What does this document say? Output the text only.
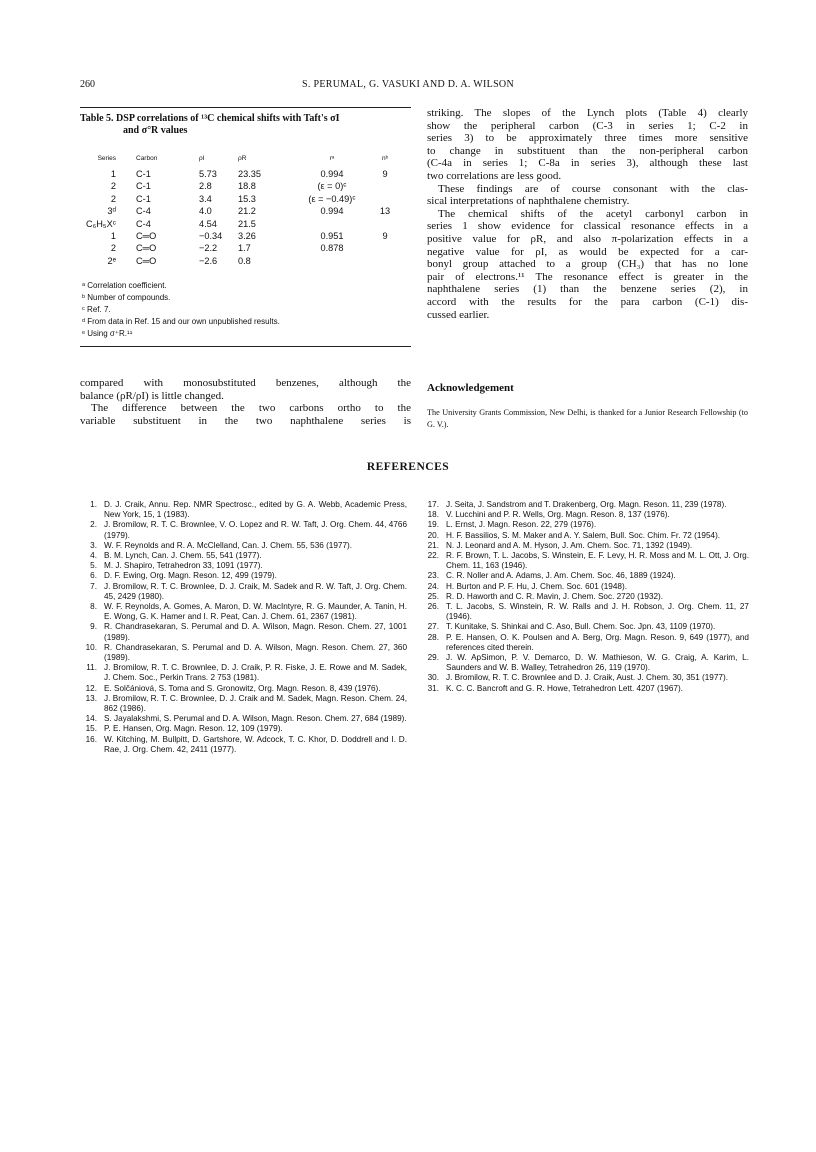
260	S. PERUMAL, G. VASUKI AND D. A. WILSON
Table 5. DSP correlations of ¹³C chemical shifts with Taft's σI
and σ°R values
Series	Carbon	ρI	ρR	rᵃ	nᵇ
1 C-1	5.73	23.35	0.994	9
2 C-1	2.8	18.8	(ε = 0)ᶜ
2 C-1	3.4	15.3	(ε = −0.49)ᶜ
3ᵈ C-4	4.0	21.2	0.994	13
C₆H₅Xᶜ C-4	4.54	21.5
1 C═O	−0.34	3.26	0.951	9
2 C═O	−2.2	1.7	0.878
2ᵉ C═O	−2.6	0.8
ᵃ Correlation coefficient.
ᵇ Number of compounds.
ᶜ Ref. 7.
ᵈ From data in Ref. 15 and our own unpublished results.
ᵉ Using σ⁺R.¹¹
striking. The slopes of the Lynch plots (Table 4) clearly
show the peripheral carbon (C-3 in series 1; C-2 in
series 3) to be approximately three times more sensitive
to change in substituent than the non-peripheral carbon
(C-4a in series 1; C-8a in series 3), although these last
two correlations are less good.
These findings are of course consonant with the clas-
sical interpretations of naphthalene chemistry.
The chemical shifts of the acetyl carbonyl carbon in
series 1 show evidence for classical resonance effects in a
positive value for ρR, and also π-polarization effects in a
negative value for ρI, as would be expected for a car-
bonyl group attached to a group (CH₃) that has no lone
pair of electrons.¹¹ The resonance effect is greater in the
naphthalene series (1) than the benzene series (2), in
accord with the results for the para carbon (C-1) dis-
cussed earlier.
compared with monosubstituted benzenes, although the
balance (ρR/ρI) is little changed.
The difference between the two carbons ortho to the
variable substituent in the two naphthalene series is
Acknowledgement
The University Grants Commission, New Delhi, is thanked for a Junior Research Fellowship (to G. V.).
REFERENCES
1. D. J. Craik, Annu. Rep. NMR Spectrosc., edited by G. A. Webb, Academic Press, New York, 15, 1 (1983).
2. J. Bromilow, R. T. C. Brownlee, V. O. Lopez and R. W. Taft, J. Org. Chem. 44, 4766 (1979).
3. W. F. Reynolds and R. A. McClelland, Can. J. Chem. 55, 536 (1977).
4. B. M. Lynch, Can. J. Chem. 55, 541 (1977).
5. M. J. Shapiro, Tetrahedron 33, 1091 (1977).
6. D. F. Ewing, Org. Magn. Reson. 12, 499 (1979).
7. J. Bromilow, R. T. C. Brownlee, D. J. Craik, M. Sadek and R. W. Taft, J. Org. Chem. 45, 2429 (1980).
8. W. F. Reynolds, A. Gomes, A. Maron, D. W. MacIntyre, R. G. Maunder, A. Tanin, H. E. Wong, G. K. Hamer and I. R. Peat, Can. J. Chem. 61, 2367 (1981).
9. R. Chandrasekaran, S. Perumal and D. A. Wilson, Magn. Reson. Chem. 27, 1001 (1989).
10. R. Chandrasekaran, S. Perumal and D. A. Wilson, Magn. Reson. Chem. 27, 360 (1989).
11. J. Bromilow, R. T. C. Brownlee, D. J. Craik, P. R. Fiske, J. E. Rowe and M. Sadek, J. Chem. Soc., Perkin Trans. 2 753 (1981).
12. E. Solčániová, S. Toma and S. Gronowitz, Org. Magn. Reson. 8, 439 (1976).
13. J. Bromilow, R. T. C. Brownlee, D. J. Craik and M. Sadek, Magn. Reson. Chem. 24, 862 (1986).
14. S. Jayalakshmi, S. Perumal and D. A. Wilson, Magn. Reson. Chem. 27, 684 (1989).
15. P. E. Hansen, Org. Magn. Reson. 12, 109 (1979).
16. W. Kitching, M. Bullpitt, D. Gartshore, W. Adcock, T. C. Khor, D. Doddrell and I. D. Rae, J. Org. Chem. 42, 2411 (1977).
17. J. Seita, J. Sandstrom and T. Drakenberg, Org. Magn. Reson. 11, 239 (1978).
18. V. Lucchini and P. R. Wells, Org. Magn. Reson. 8, 137 (1976).
19. L. Ernst, J. Magn. Reson. 22, 279 (1976).
20. H. F. Bassilios, S. M. Maker and A. Y. Salem, Bull. Soc. Chim. Fr. 72 (1954).
21. N. J. Leonard and A. M. Hyson, J. Am. Chem. Soc. 71, 1392 (1949).
22. R. F. Brown, T. L. Jacobs, S. Winstein, E. F. Levy, H. R. Moss and M. L. Ott, J. Org. Chem. 11, 163 (1946).
23. C. R. Noller and A. Adams, J. Am. Chem. Soc. 46, 1889 (1924).
24. H. Burton and P. F. Hu, J. Chem. Soc. 601 (1948).
25. R. D. Haworth and C. R. Mavin, J. Chem. Soc. 2720 (1932).
26. T. L. Jacobs, S. Winstein, R. W. Ralls and J. H. Robson, J. Org. Chem. 11, 27 (1946).
27. T. Kunitake, S. Shinkai and C. Aso, Bull. Chem. Soc. Jpn. 43, 1109 (1970).
28. P. E. Hansen, O. K. Poulsen and A. Berg, Org. Magn. Reson. 9, 649 (1977), and references cited therein.
29. J. W. ApSimon, P. V. Demarco, D. W. Mathieson, W. G. Craig, A. Karim, L. Saunders and W. B. Walley, Tetrahedron 26, 119 (1970).
30. J. Bromilow, R. T. C. Brownlee and D. J. Craik, Aust. J. Chem. 30, 351 (1977).
31. K. C. C. Bancroft and G. R. Howe, Tetrahedron Lett. 4207 (1967).
